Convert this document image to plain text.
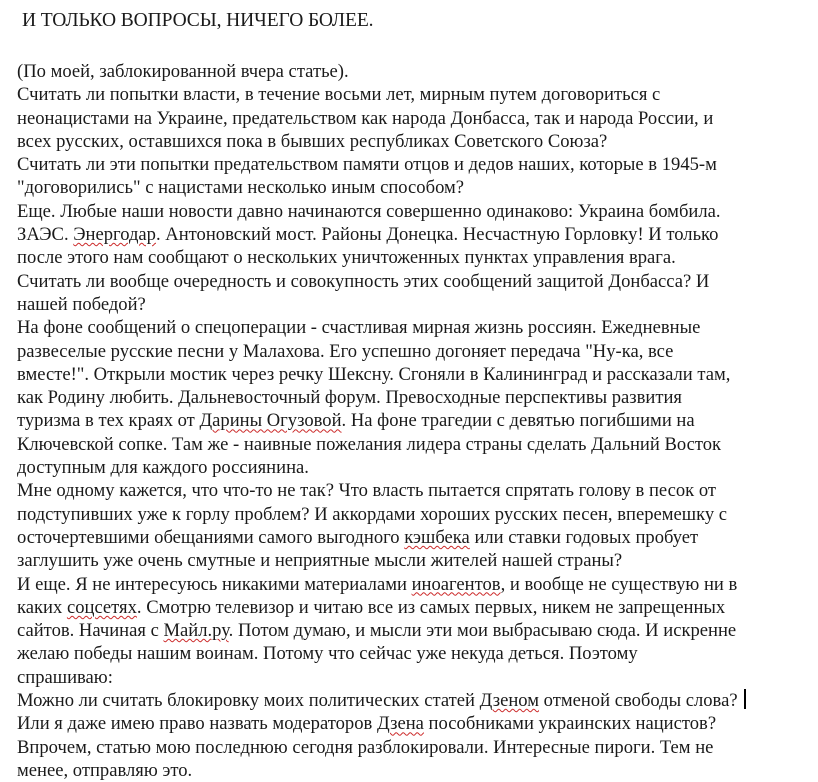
И ТОЛЬКО ВОПРОСЫ, НИЧЕГО БОЛЕЕ.
(По моей, заблокированной вчера статье).
Считать ли попытки власти, в течение восьми лет, мирным путем договориться с
неонацистами на Украине, предательством как народа Донбасса, так и народа России, и
всех русских, оставшихся пока в бывших республиках Советского Союза?
Считать ли эти попытки предательством памяти отцов и дедов наших, которые в 1945-м
"договорились" с нацистами несколько иным способом?
Еще. Любые наши новости давно начинаются совершенно одинаково: Украина бомбила.
ЗАЭС. Энергодар. Антоновский мост. Районы Донецка. Несчастную Горловку! И только
после этого нам сообщают о нескольких уничтоженных пунктах управления врага.
Считать ли вообще очередность и совокупность этих сообщений защитой Донбасса? И
нашей победой?
На фоне сообщений о спецоперации - счастливая мирная жизнь россиян. Ежедневные
развеселые русские песни у Малахова. Его успешно догоняет передача "Ну-ка, все
вместе!". Открыли мостик через речку Шексну. Сгоняли в Калининград и рассказали там,
как Родину любить. Дальневосточный форум. Превосходные перспективы развития
туризма в тех краях от Дарины Огузовой. На фоне трагедии с девятью погибшими на
Ключевской сопке. Там же - наивные пожелания лидера страны сделать Дальний Восток
доступным для каждого россиянина.
Мне одному кажется, что что-то не так? Что власть пытается спрятать голову в песок от
подступивших уже к горлу проблем? И аккордами хороших русских песен, вперемешку с
осточертевшими обещаниями самого выгодного кэшбека или ставки годовых пробует
заглушить уже очень смутные и неприятные мысли жителей нашей страны?
И еще. Я не интересуюсь никакими материалами иноагентов, и вообще не существую ни в
каких соцсетях. Смотрю телевизор и читаю все из самых первых, никем не запрещенных
сайтов. Начиная с Майл.ру. Потом думаю, и мысли эти мои выбрасываю сюда. И искренне
желаю победы нашим воинам. Потому что сейчас уже некуда деться. Поэтому
спрашиваю:
Можно ли считать блокировку моих политических статей Дзеном отменой свободы слова?
Или я даже имею право назвать модераторов Дзена пособниками украинских нацистов?
Впрочем, статью мою последнюю сегодня разблокировали. Интересные пироги. Тем не
менее, отправляю это.
